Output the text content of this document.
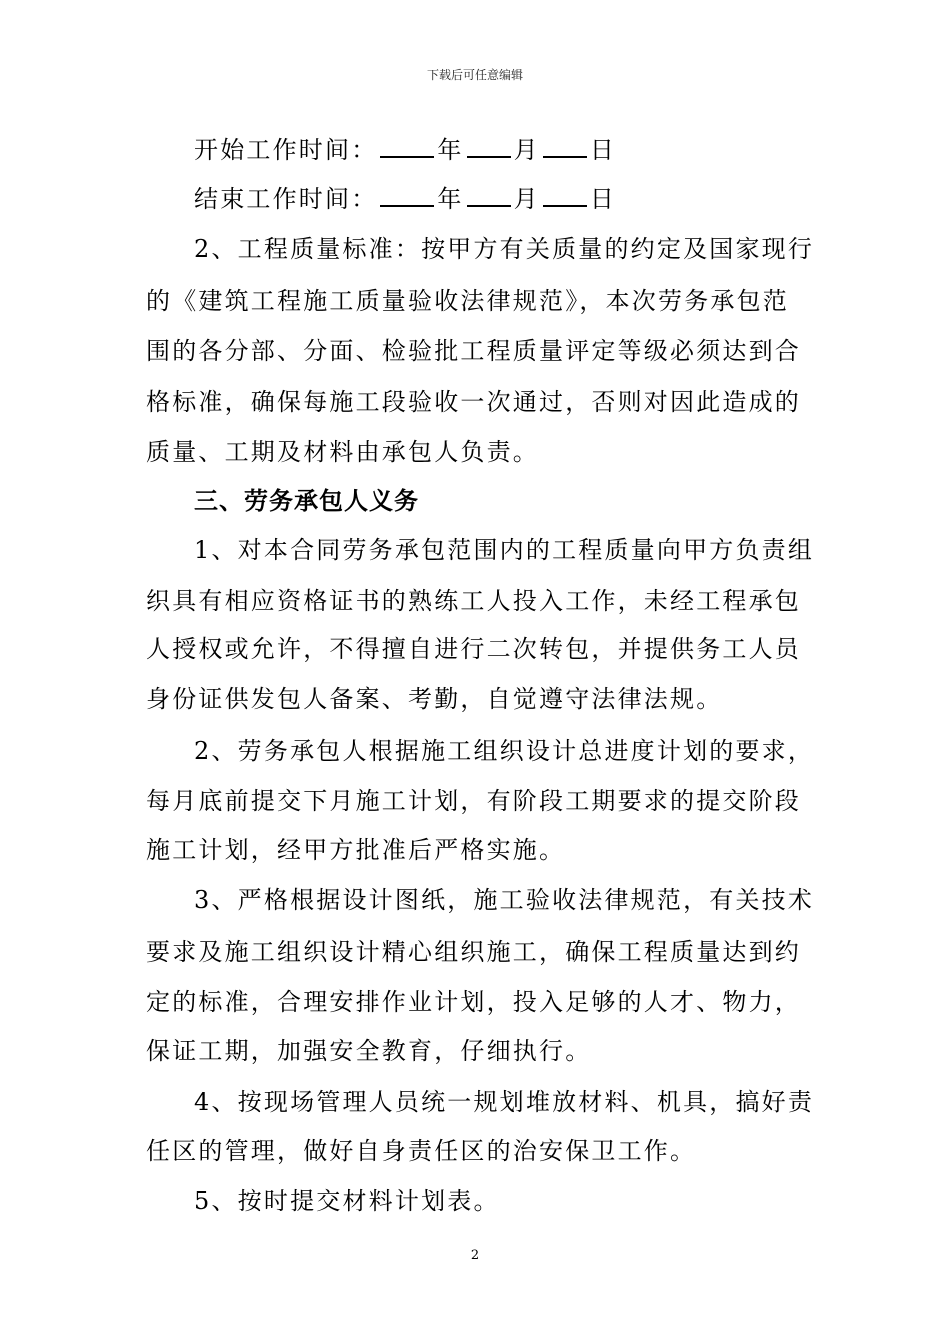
下载后可任意编辑
开始工作时间：	年 月 日
结束工作时间：	年 月 日
2、工程质量标准：按甲方有关质量的约定及国家现行
的《建筑工程施工质量验收法律规范》，本次劳务承包范
围的各分部、分面、检验批工程质量评定等级必须达到合
格标准，确保每施工段验收一次通过，否则对因此造成的
质量、工期及材料由承包人负责。
三、劳务承包人义务
1、对本合同劳务承包范围内的工程质量向甲方负责组
织具有相应资格证书的熟练工人投入工作，未经工程承包
人授权或允许，不得擅自进行二次转包，并提供务工人员
身份证供发包人备案、考勤，自觉遵守法律法规。
2、劳务承包人根据施工组织设计总进度计划的要求，
每月底前提交下月施工计划，有阶段工期要求的提交阶段
施工计划，经甲方批准后严格实施。
3、严格根据设计图纸，施工验收法律规范，有关技术
要求及施工组织设计精心组织施工，确保工程质量达到约
定的标准，合理安排作业计划，投入足够的人才、物力，
保证工期，加强安全教育，仔细执行。
4、按现场管理人员统一规划堆放材料、机具，搞好责
任区的管理，做好自身责任区的治安保卫工作。
5、按时提交材料计划表。
2
